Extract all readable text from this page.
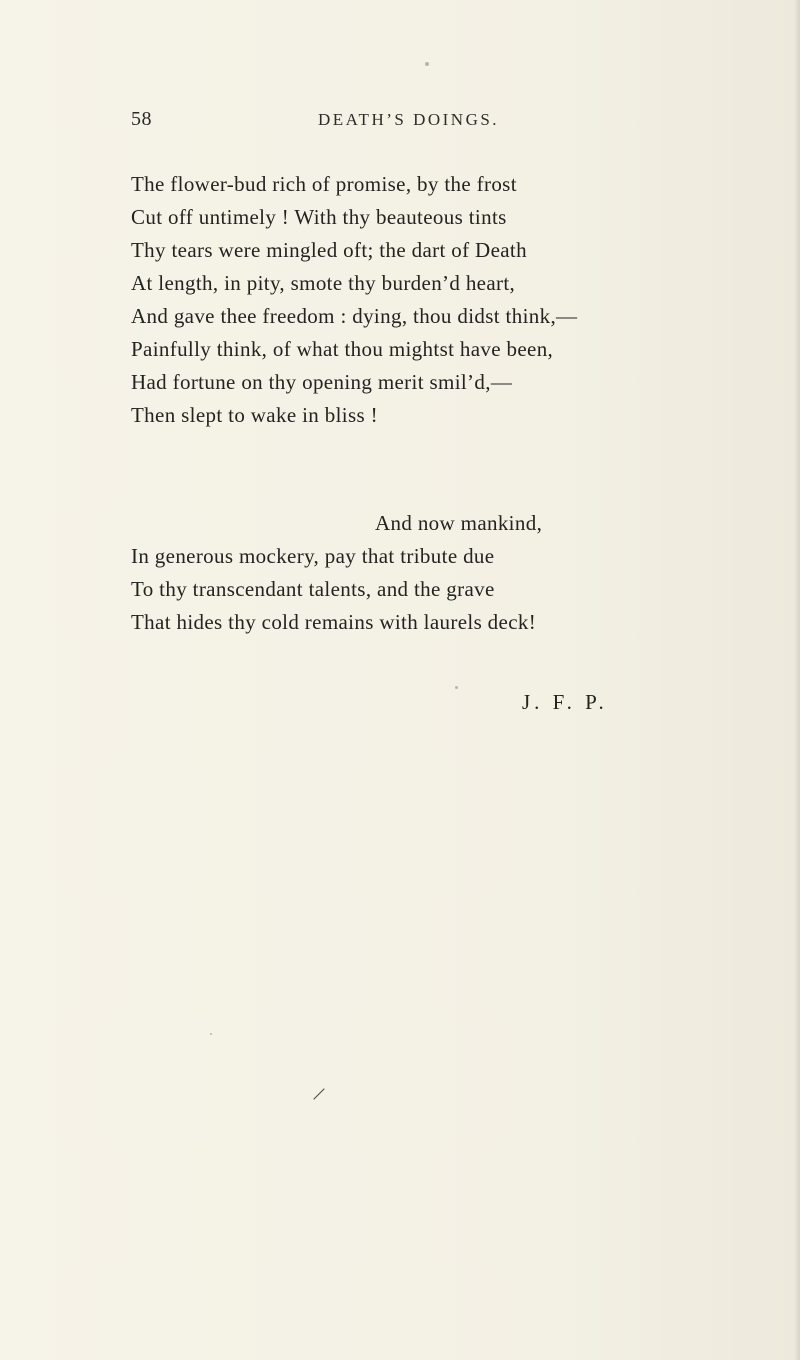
58	DEATH’S DOINGS.
The flower-bud rich of promise, by the frost
Cut off untimely ! With thy beauteous tints
Thy tears were mingled oft; the dart of Death
At length, in pity, smote thy burden’d heart,
And gave thee freedom : dying, thou didst think,—
Painfully think, of what thou mightst have been,
Had fortune on thy opening merit smil’d,—
Then slept to wake in bliss !
And now mankind,
In generous mockery, pay that tribute due
To thy transcendant talents, and the grave
That hides thy cold remains with laurels deck!
J. F. P.
